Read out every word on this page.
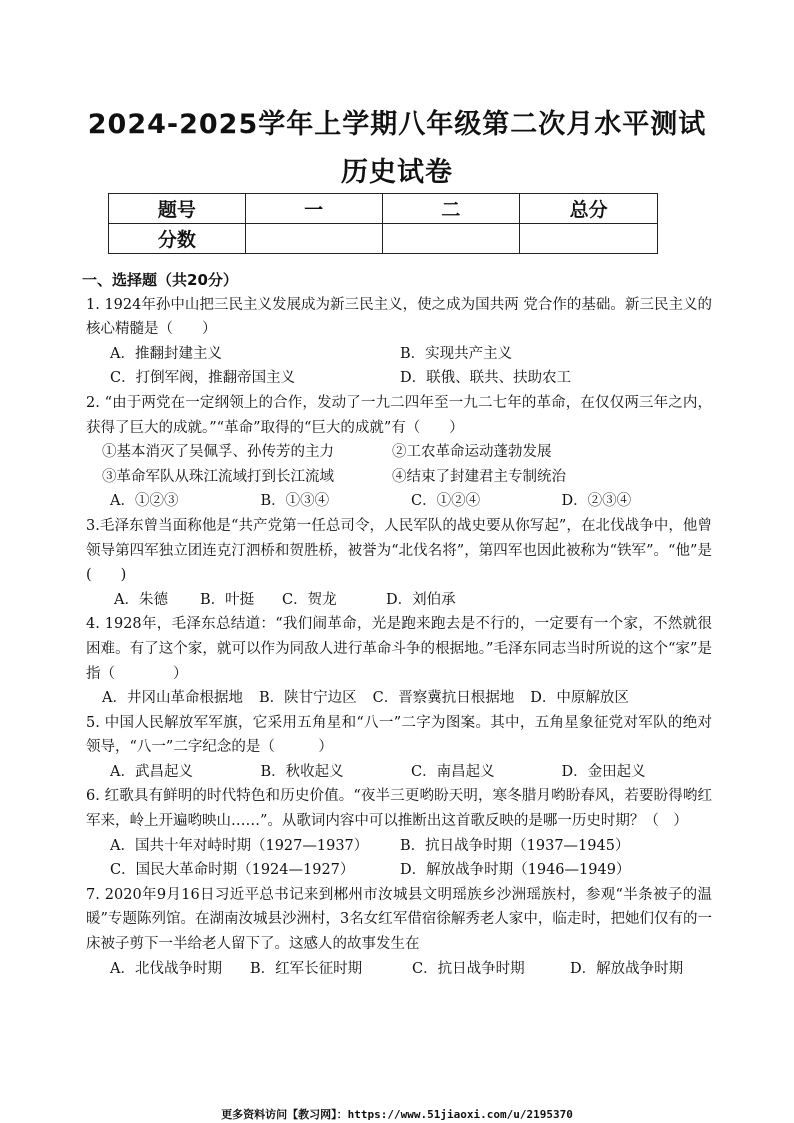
2024-2025学年上学期八年级第二次月水平测试
历史试卷
题号	一	二	总分
分数			
一、选择题（共20分）

1. 1924年孙中山把三民主义发展成为新三民主义，使之成为国共两 党合作的基础。新三民主义的核心精髓是（　　）

A．推翻封建主义	B．实现共产主义
C．打倒军阀，推翻帝国主义	D．联俄、联共、扶助农工

2. “由于两党在一定纲领上的合作，发动了一九二四年至一九二七年的革命，在仅仅两三年之内，获得了巨大的成就。”“革命”取得的“巨大的成就”有（　　）

①基本消灭了吴佩孚、孙传芳的主力	②工农革命运动蓬勃发展
③革命军队从珠江流域打到长江流域	④结束了封建君主专制统治
A．①②③	B．①③④	C．①②④	D．②③④

3.毛泽东曾当面称他是“共产党第一任总司令，人民军队的战史要从你写起”，在北伐战争中，他曾领导第四军独立团连克汀泗桥和贺胜桥，被誉为“北伐名将”，第四军也因此被称为“铁军”。“他”是(　　)

A．朱德	B．叶挺	C．贺龙	D．刘伯承

4. 1928年，毛泽东总结道：“我们闹革命，光是跑来跑去是不行的，一定要有一个家，不然就很困难。有了这个家，就可以作为同敌人进行革命斗争的根据地。”毛泽东同志当时所说的这个“家”是指（　　　　）

A．井冈山革命根据地 B．陕甘宁边区 C．晋察冀抗日根据地 D．中原解放区

5. 中国人民解放军军旗，它采用五角星和“八一”二字为图案。其中，五角星象征党对军队的绝对领导，“八一”二字纪念的是（　　　）

A．武昌起义	B．秋收起义	C．南昌起义	D．金田起义

6. 红歌具有鲜明的时代特色和历史价值。“夜半三更哟盼天明，寒冬腊月哟盼春风，若要盼得哟红军来，岭上开遍哟映山……”。从歌词内容中可以推断出这首歌反映的是哪一历史时期？（　）

A．国共十年对峙时期（1927—1937）	B．抗日战争时期（1937—1945）
C．国民大革命时期（1924—1927）	D．解放战争时期（1946—1949）

7. 2020年9月16日习近平总书记来到郴州市汝城县文明瑶族乡沙洲瑶族村，参观“半条被子的温暖”专题陈列馆。在湖南汝城县沙洲村，3名女红军借宿徐解秀老人家中，临走时，把她们仅有的一床被子剪下一半给老人留下了。这感人的故事发生在

A．北伐战争时期	B．红军长征时期	C．抗日战争时期	D．解放战争时期
更多资料访问【教习网】：https://www.51jiaoxi.com/u/2195370
